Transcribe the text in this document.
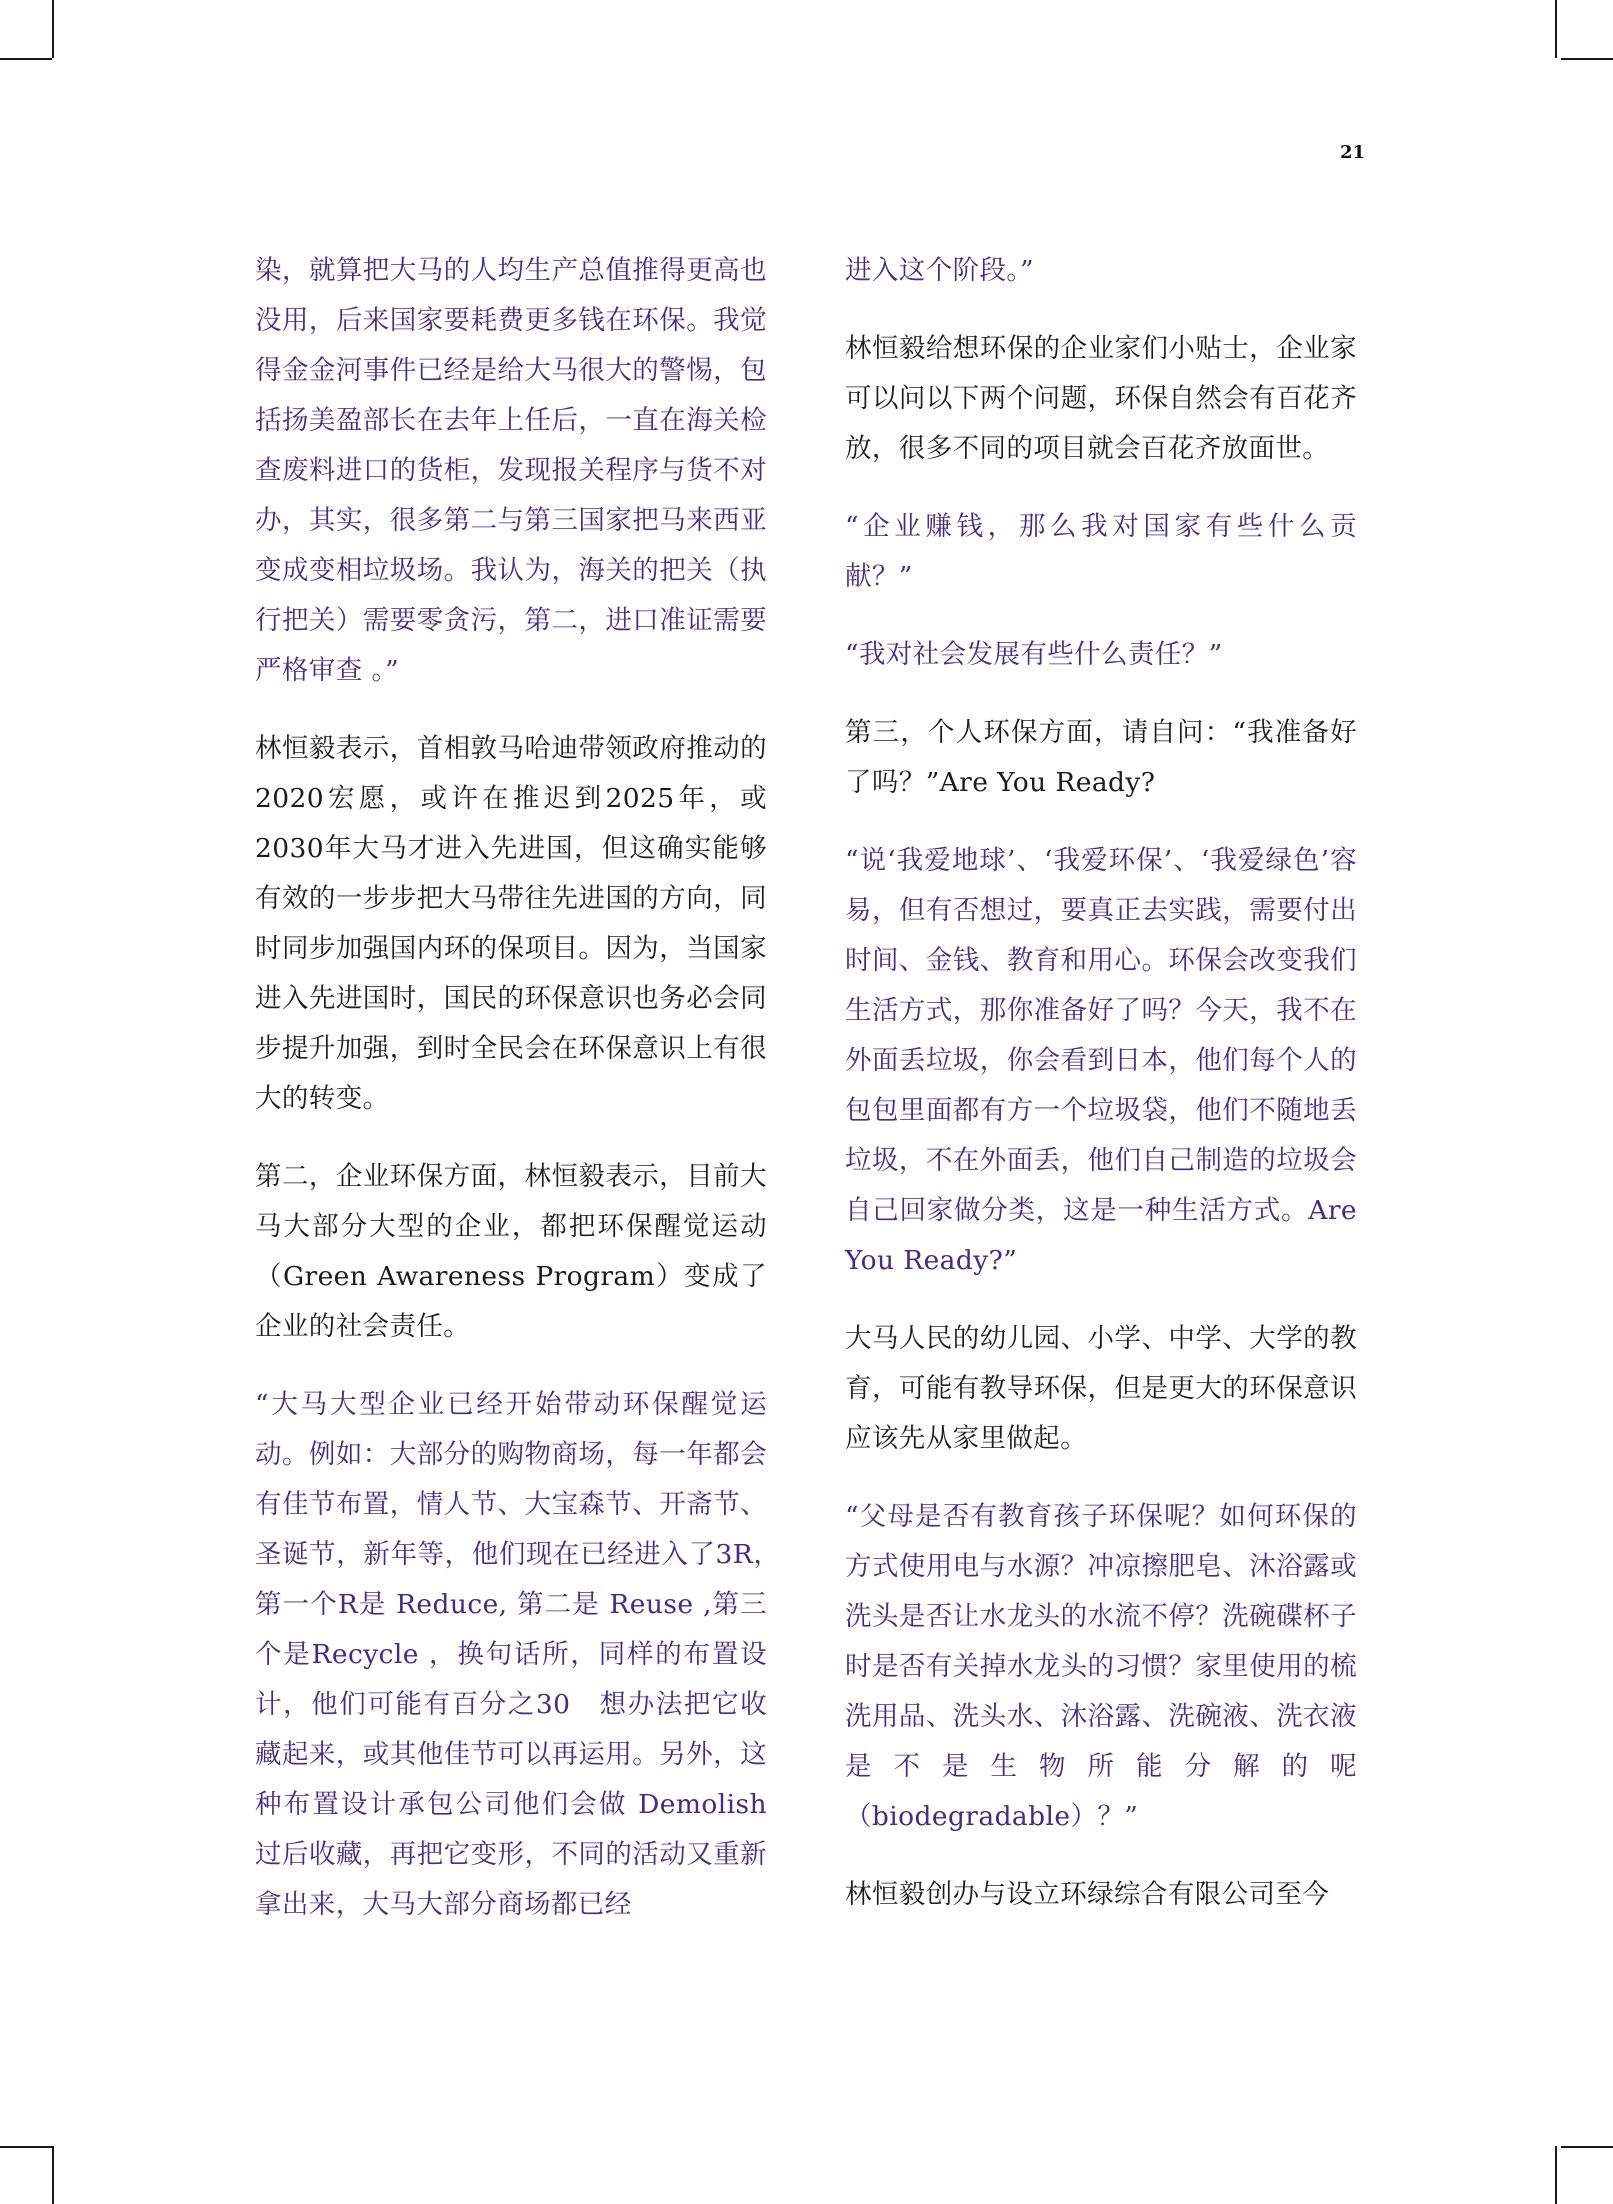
21

染，就算把大马的人均生产总值推得更高也没用，后来国家要耗费更多钱在环保。我觉得金金河事件已经是给大马很大的警惕，包括扬美盈部长在去年上任后，一直在海关检查废料进口的货柜，发现报关程序与货不对办，其实，很多第二与第三国家把马来西亚变成变相垃圾场。我认为，海关的把关（执行把关）需要零贪污，第二，进口准证需要严格审查 。”

林恒毅表示，首相敦马哈迪带领政府推动的　2020宏愿，或许在推迟到2025年，或2030年大马才进入先进国，但这确实能够有效的一步步把大马带往先进国的方向，同时同步加强国内环的保项目。因为，当国家进入先进国时，国民的环保意识也务必会同步提升加强，到时全民会在环保意识上有很大的转变。

第二，企业环保方面，林恒毅表示，目前大马大部分大型的企业，都把环保醒觉运动（Green Awareness Program）变成了企业的社会责任。

“大马大型企业已经开始带动环保醒觉运动。例如：大部分的购物商场，每一年都会有佳节布置，情人节、大宝森节、开斋节、圣诞节，新年等，他们现在已经进入了3R，　第一个R是 Reduce, 第二是 Reuse ,第三个是Recycle ，换句话所，同样的布置设计，他们可能有百分之30　想办法把它收藏起来，或其他佳节可以再运用。另外，这种布置设计承包公司他们会做 Demolish过后收藏，再把它变形，不同的活动又重新拿出来，大马大部分商场都已经

进入这个阶段。”

林恒毅给想环保的企业家们小贴士，企业家可以问以下两个问题，环保自然会有百花齐放，很多不同的项目就会百花齐放面世。

“企业赚钱，那么我对国家有些什么贡献？”

“我对社会发展有些什么责任？”

第三，个人环保方面，请自问：“我准备好了吗？”Are You Ready?

“说‘我爱地球’、‘我爱环保’、‘我爱绿色’容易，但有否想过，要真正去实践，需要付出时间、金钱、教育和用心。环保会改变我们生活方式，那你准备好了吗？今天，我不在外面丢垃圾，你会看到日本，他们每个人的包包里面都有方一个垃圾袋，他们不随地丢垃圾，不在外面丢，他们自己制造的垃圾会自己回家做分类，这是一种生活方式。Are You Ready?”

大马人民的幼儿园、小学、中学、大学的教育，可能有教导环保，但是更大的环保意识应该先从家里做起。

“父母是否有教育孩子环保呢？如何环保的方式使用电与水源？冲凉擦肥皂、沐浴露或洗头是否让水龙头的水流不停？洗碗碟杯子时是否有关掉水龙头的习惯？家里使用的梳洗用品、洗头水、沐浴露、洗碗液、洗衣液是不是生物所能分解的呢（biodegradable）？”

林恒毅创办与设立环绿综合有限公司至今
